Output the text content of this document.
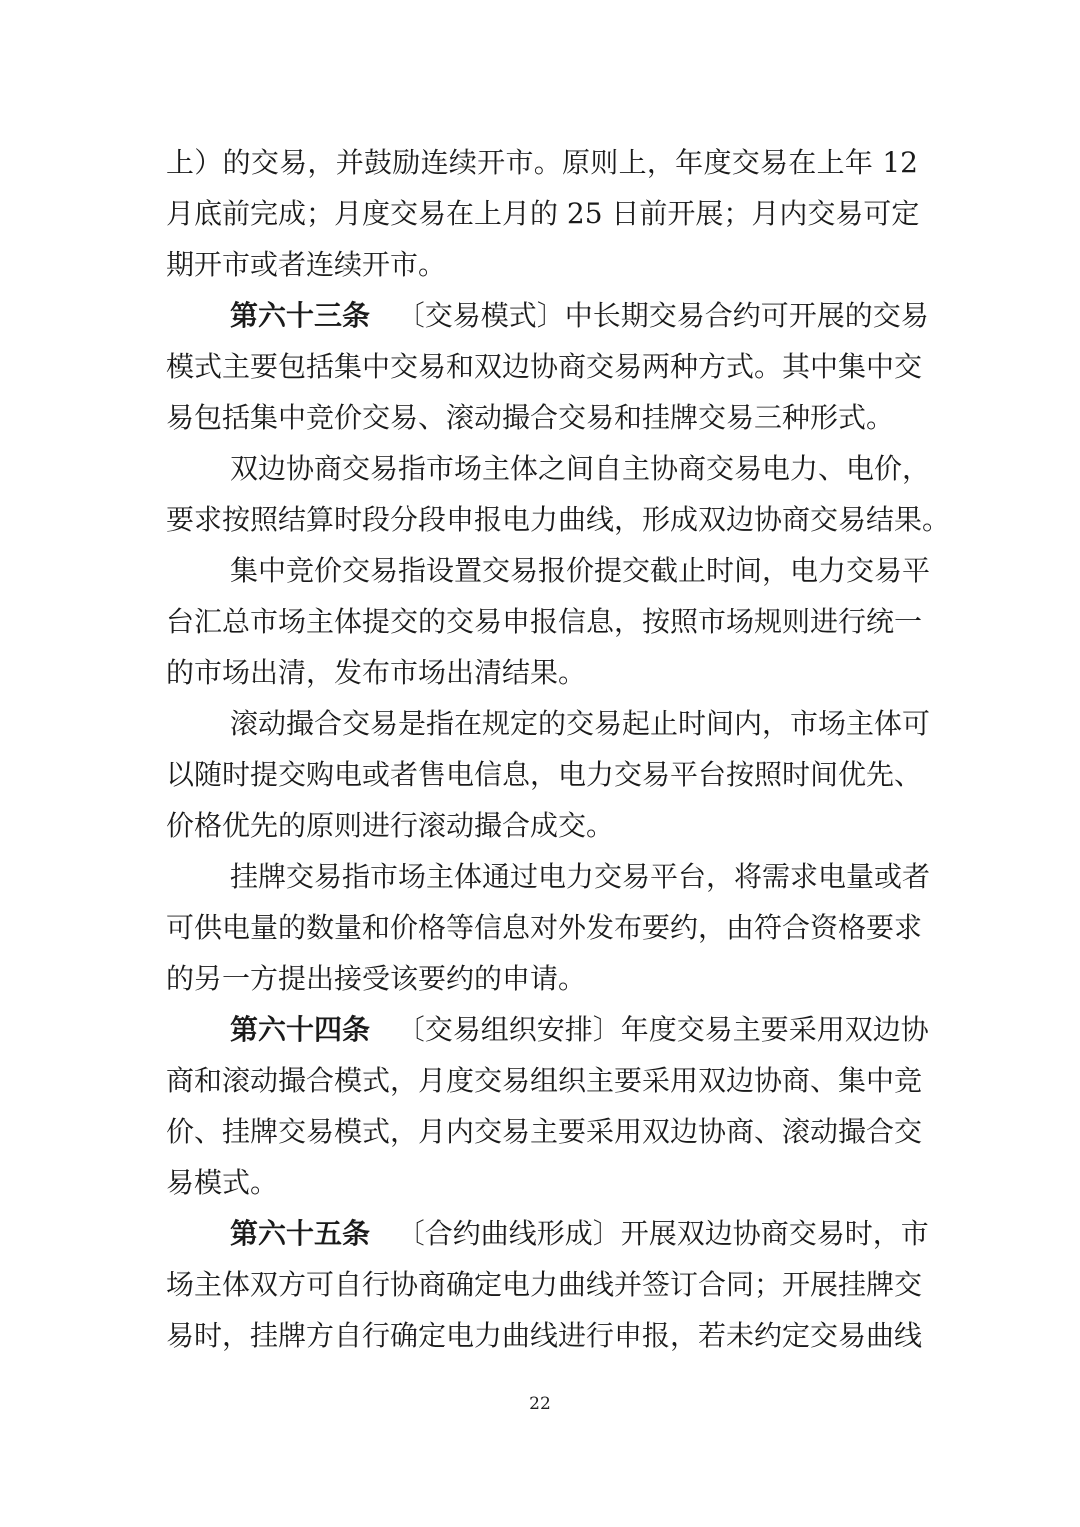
上）的交易，并鼓励连续开市。原则上，年度交易在上年 12
月底前完成；月度交易在上月的 25 日前开展；月内交易可定
期开市或者连续开市。
第六十三条 〔交易模式〕中长期交易合约可开展的交易
模式主要包括集中交易和双边协商交易两种方式。其中集中交
易包括集中竞价交易、滚动撮合交易和挂牌交易三种形式。
双边协商交易指市场主体之间自主协商交易电力、电价，
要求按照结算时段分段申报电力曲线，形成双边协商交易结果。
集中竞价交易指设置交易报价提交截止时间，电力交易平
台汇总市场主体提交的交易申报信息，按照市场规则进行统一
的市场出清，发布市场出清结果。
滚动撮合交易是指在规定的交易起止时间内，市场主体可
以随时提交购电或者售电信息，电力交易平台按照时间优先、
价格优先的原则进行滚动撮合成交。
挂牌交易指市场主体通过电力交易平台，将需求电量或者
可供电量的数量和价格等信息对外发布要约，由符合资格要求
的另一方提出接受该要约的申请。
第六十四条 〔交易组织安排〕年度交易主要采用双边协
商和滚动撮合模式，月度交易组织主要采用双边协商、集中竞
价、挂牌交易模式，月内交易主要采用双边协商、滚动撮合交
易模式。
第六十五条 〔合约曲线形成〕开展双边协商交易时，市
场主体双方可自行协商确定电力曲线并签订合同；开展挂牌交
易时，挂牌方自行确定电力曲线进行申报，若未约定交易曲线
22
